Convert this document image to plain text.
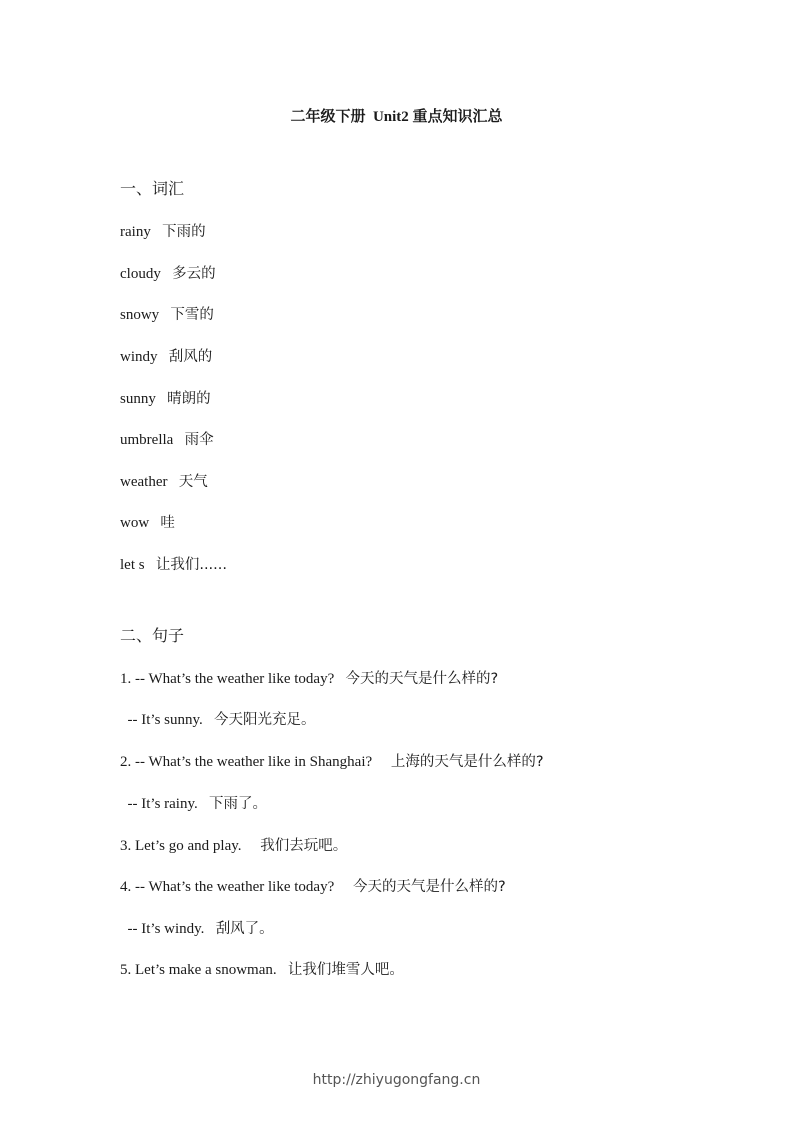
二年级下册  Unit2 重点知识汇总
一、词汇
rainy 下雨的
cloudy 多云的
snowy 下雪的
windy 刮风的
sunny 晴朗的
umbrella 雨伞
weather 天气
wow 哇
let s 让我们......
二、句子
1. -- What’s the weather like today? 今天的天气是什么样的?
-- It’s sunny. 今天阳光充足。
2. -- What’s the weather like in Shanghai? 上海的天气是什么样的?
-- It’s rainy. 下雨了。
3. Let’s go and play. 我们去玩吧。
4. -- What’s the weather like today? 今天的天气是什么样的?
-- It’s windy. 刮风了。
5. Let’s make a snowman. 让我们堆雪人吧。
http://zhiyugongfang.cn
